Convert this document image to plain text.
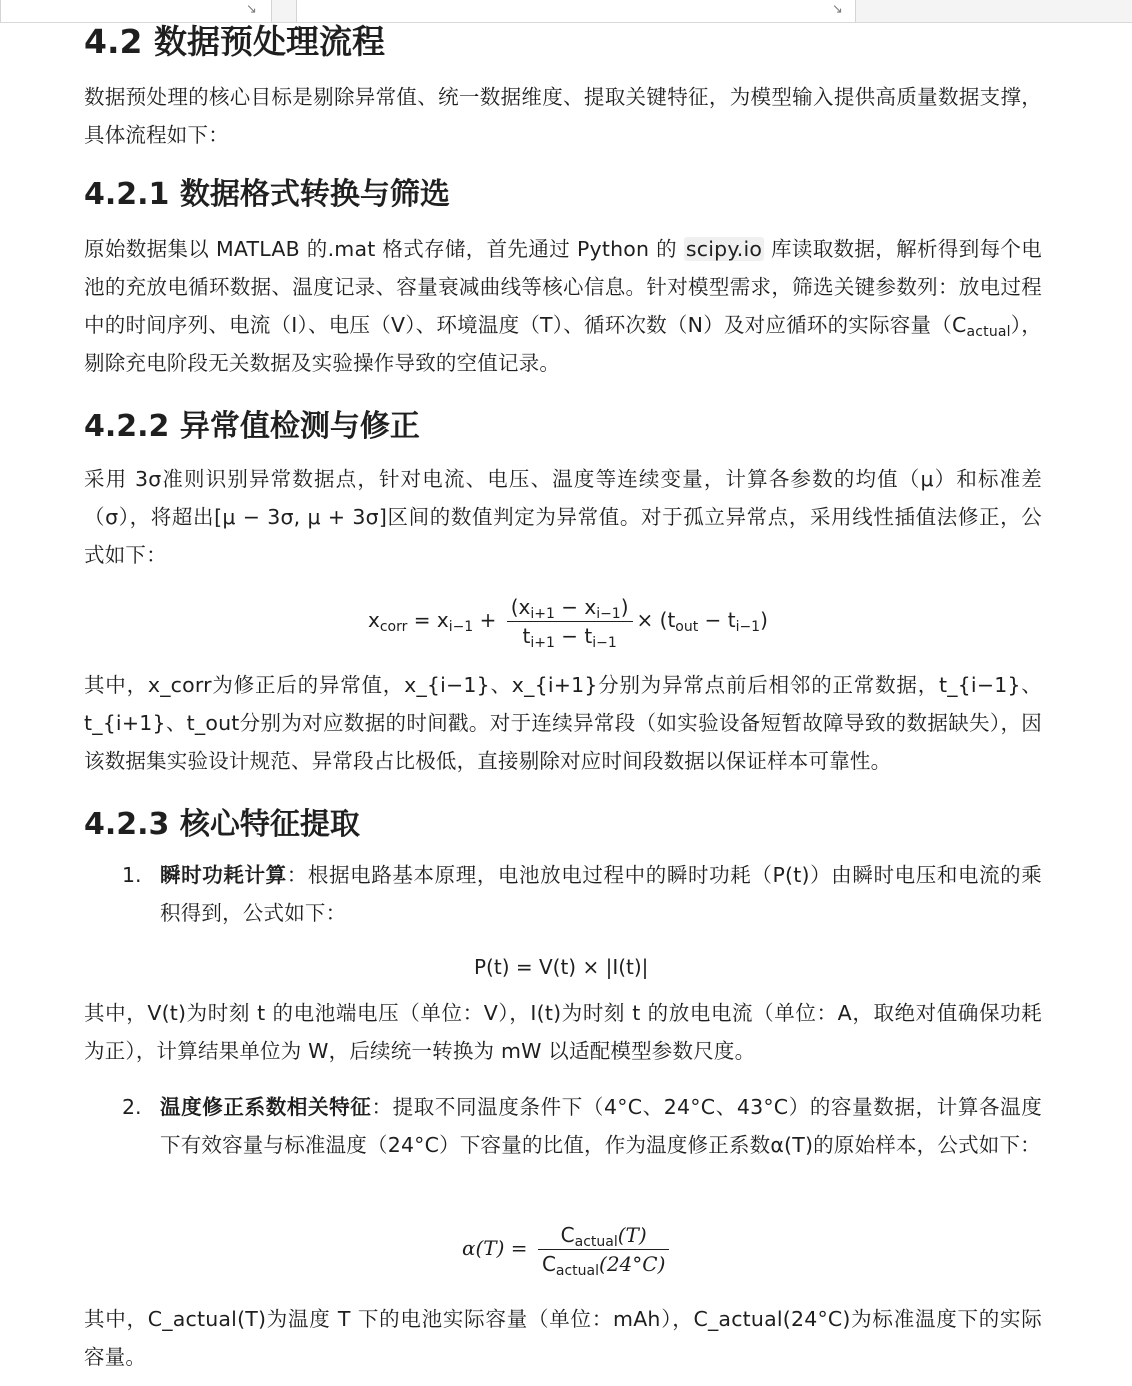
↘	↘
4.2 数据预处理流程
数据预处理的核心目标是剔除异常值、统一数据维度、提取关键特征，为模型输入提供高质量数据支撑，具体流程如下：
4.2.1 数据格式转换与筛选
原始数据集以 MATLAB 的.mat 格式存储，首先通过 Python 的 scipy.io 库读取数据，解析得到每个电池的充放电循环数据、温度记录、容量衰减曲线等核心信息。针对模型需求，筛选关键参数列：放电过程中的时间序列、电流（I）、电压（V）、环境温度（T）、循环次数（N）及对应循环的实际容量$(C_{actual})$，剔除充电阶段无关数据及实验操作导致的空值记录。
4.2.2 异常值检测与修正
采用 3σ准则识别异常数据点，针对电流、电压、温度等连续变量，计算各参数的均值（μ）和标准差（σ），将超出[μ − 3σ, μ + 3σ]区间的数值判定为异常值。对于孤立异常点，采用线性插值法修正，公式如下：
$x_{corr} = x_{i-1} + \frac{(x_{i+1} - x_{i-1})}{t_{i+1} - t_{i-1}} \times (t_{out} - t_{i-1})$
其中，x_corr为修正后的异常值，x_{i−1}、x_{i+1}分别为异常点前后相邻的正常数据，t_{i−1}、t_{i+1}、t_out分别为对应数据的时间戳。对于连续异常段（如实验设备短暂故障导致的数据缺失），因该数据集实验设计规范、异常段占比极低，直接剔除对应时间段数据以保证样本可靠性。
4.2.3 核心特征提取
1. 瞬时功耗计算：根据电路基本原理，电池放电过程中的瞬时功耗（P(t)）由瞬时电压和电流的乘积得到，公式如下：
P(t) = V(t) × |I(t)|
其中，V(t)为时刻 t 的电池端电压（单位：V），I(t)为时刻 t 的放电电流（单位：A，取绝对值确保功耗为正），计算结果单位为 W，后续统一转换为 mW 以适配模型参数尺度。
2. 温度修正系数相关特征：提取不同温度条件下（4°C、24°C、43°C）的容量数据，计算各温度下有效容量与标准温度（24°C）下容量的比值，作为温度修正系数α(T)的原始样本，公式如下：
$\alpha(T) = \frac{C_{actual}(T)}{C_{actual}(24^\circ C)}$
其中，C_actual(T)为温度 T 下的电池实际容量（单位：mAh），C_actual(24°C)为标准温度下的实际容量。
